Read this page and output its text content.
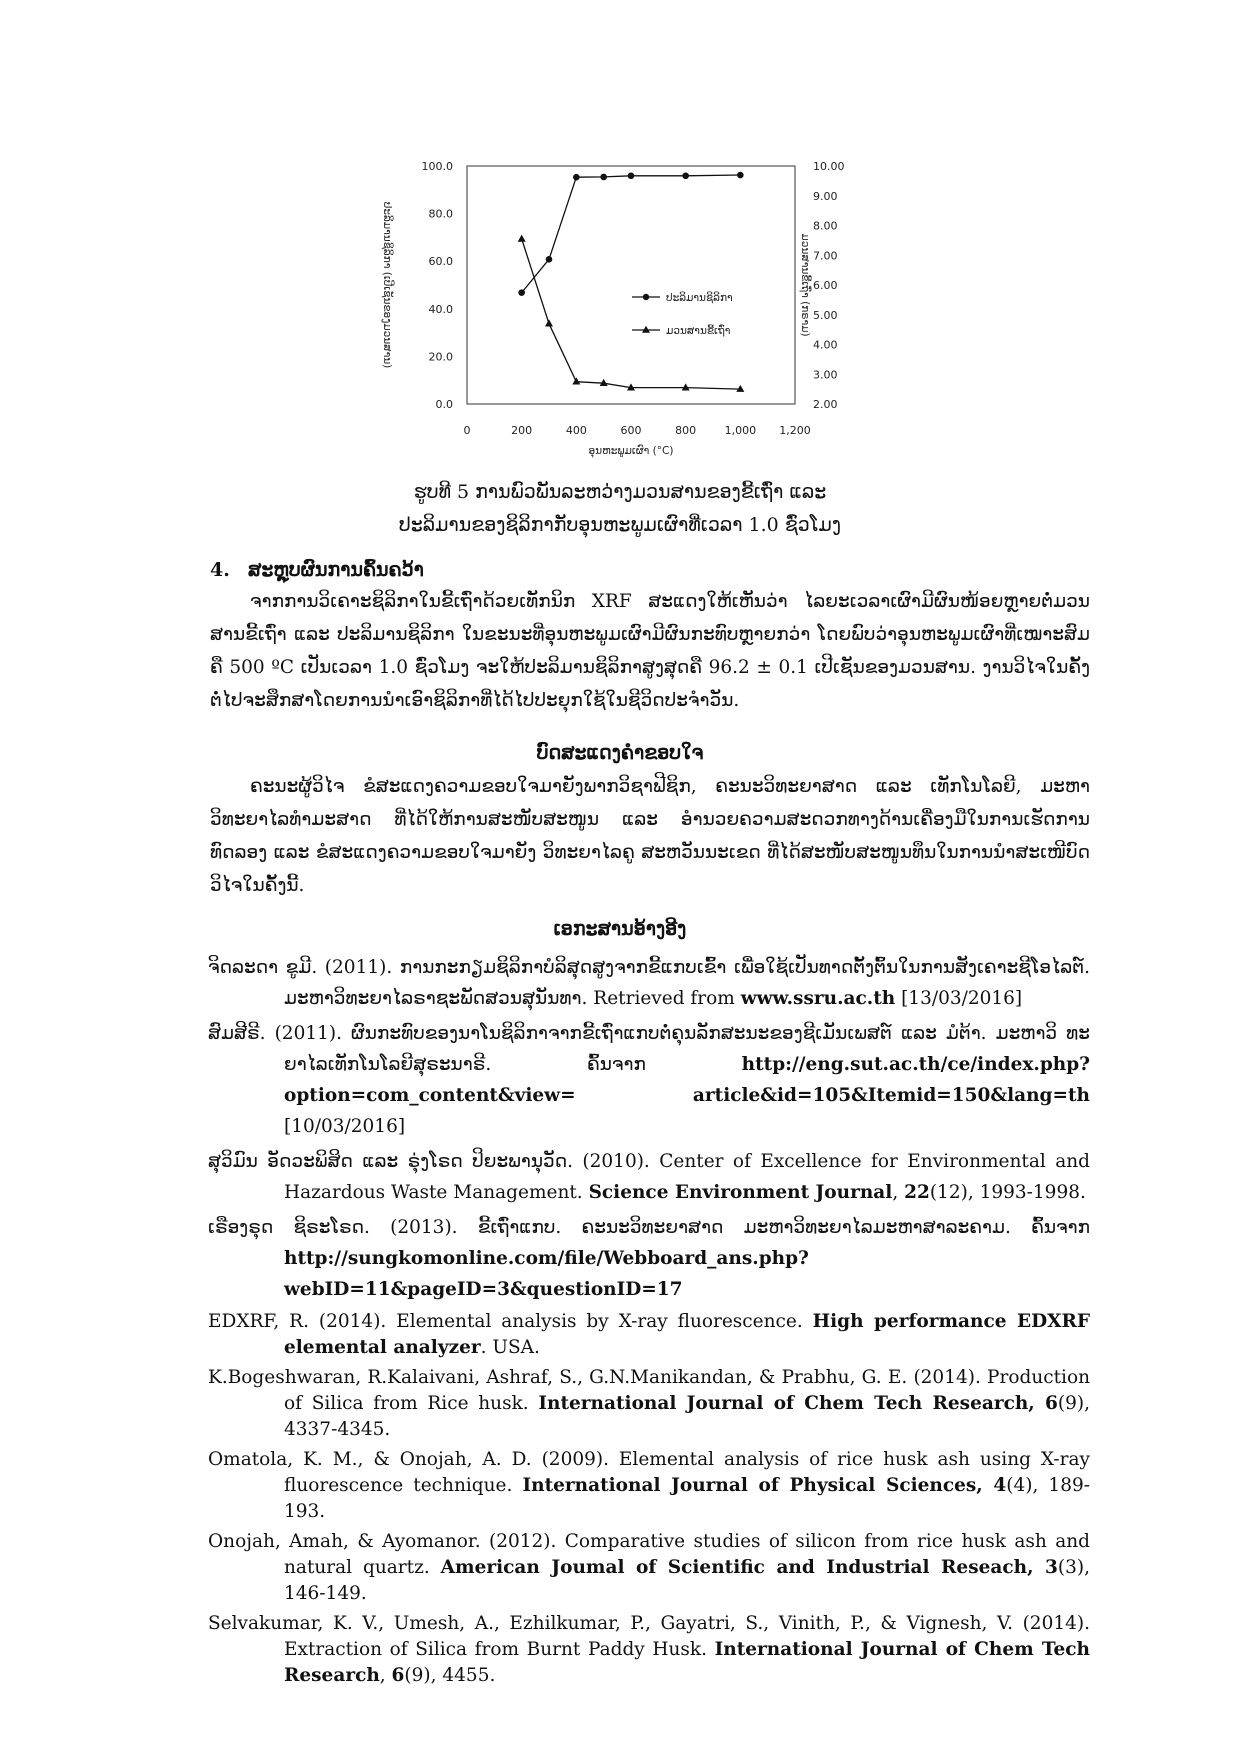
0.0
20.0
40.0
60.0
80.0
100.0
2.00
3.00
4.00
5.00
6.00
7.00
8.00
9.00
10.00
0	200	400	600	800	1,000 1,200
ປະລິມານຊິລິກາ (ເປີເຊັນຂອງມວນສານ)	ມວນສານຂີ້ເຖົ່າ (ກຣາມ)
ອຸນຫະພູມເຜົາ (°C)
ປະລິມານຊິລິກາ
ມວນສານຂີ້ເຖົ່າ
ຮູບທີ 5 ການພົວພັນລະຫວ່າງມວນສານຂອງຂີ້ເຖົ່າ ແລະ
ປະລິມານຂອງຊິລິກາກັບອຸນຫະພູມເຜົາທີ່ເວລາ 1.0 ຊົ່ວໂມງ
4. ສະຫຼຸບຜົນການຄົ້ນຄວ້າ

ຈາກການວິເຄາະຊິລິກາໃນຂີ້ເຖົ່າດ້ວຍເທັກນິກ XRF ສະແດງໃຫ້ເຫັນວ່າ ໄລຍະເວລາເຜົາມີຜົນໜ້ອຍຫຼາຍຕໍ່ມວນສານຂີ້ເຖົ່າ ແລະ ປະລິມານຊິລິກາ ໃນຂະນະທີ່ອຸນຫະພູມເຜົາມີຜົນກະທົບຫຼາຍກວ່າ ໂດຍພົບວ່າອຸນຫະພູມເຜົາທີ່ເໝາະສົມຄື 500 ºC ເປັນເວລາ 1.0 ຊົ່ວໂມງ ຈະໃຫ້ປະລິມານຊິລິກາສູງສຸດຄື 96.2 ± 0.1 ເປີເຊັນຂອງມວນສານ. ງານວິໄຈໃນຄັ້ງຕໍ່ໄປຈະສຶກສາໂດຍການນຳເອົາຊິລິກາທີ່ໄດ້ໄປປະຍຸກໃຊ້ໃນຊີວິດປະຈຳວັນ.

ບົດສະແດງຄຳຂອບໃຈ

ຄະນະຜູ້ວິໄຈ ຂໍສະແດງຄວາມຂອບໃຈມາຍັງພາກວິຊາຟີຊິກ, ຄະນະວິທະຍາສາດ ແລະ ເທັກໂນໂລຍີ, ມະຫາວິທະຍາໄລທຳມະສາດ ທີ່ໄດ້ໃຫ້ການສະໜັບສະໜູນ ແລະ ອຳນວຍຄວາມສະດວກທາງດ້ານເຄື່ອງມືໃນການເຮັດການທົດລອງ ແລະ ຂໍສະແດງຄວາມຂອບໃຈມາຍັງ ວິທະຍາໄລຄູ ສະຫວັນນະເຂດ ທີ່ໄດ້ສະໜັບສະໜູນທຶນໃນການນຳສະເໜີບົດວິໄຈໃນຄັ້ງນີ້.

ເອກະສານອ້າງອີງ

ຈິດລະດາ ຂູມີ. (2011). ການກະກຽມຊິລິກາບໍລິສຸດສູງຈາກຂີ້ແກບເຂົ້າ ເພື່ອໃຊ້ເປັນທາດຕັ້ງຕົ້ນໃນການສັງເຄາະຊີໂອໄລຕ໌. ມະຫາວິທະຍາໄລຣາຊະພັດສວນສຸນັນທາ. Retrieved from www.ssru.ac.th [13/03/2016]

ສົມສີຣີ. (2011). ຜົນກະທົບຂອງນາໂນຊິລິກາຈາກຂີ້ເຖົ່າແກບຕໍ່ຄຸນລັກສະນະຂອງຊີເມັນເພສຕ໌ ແລະ ມໍຕ້າ. ມະຫາວິ ທະຍາໄລເທັກໂນໂລຍີສຸຣະນາຣີ. ຄົ້ນຈາກ http://eng.sut.ac.th/ce/index.php?option=com_content&view= article&id=105&Itemid=150&lang=th [10/03/2016]

ສຸວິມົນ ອັດວະພິສິດ ແລະ ຣຸ່ງໂຣດ ປິຍະພານຸວັດ. (2010). Center of Excellence for Environmental and Hazardous Waste Management. Science Environment Journal, 22(12), 1993-1998.

ເຣືອງຣຸດ ຊິຣະໂຣດ. (2013). ຂີ້ເຖົ່າແກບ. ຄະນະວິທະຍາສາດ ມະຫາວິທະຍາໄລມະຫາສາລະຄາມ. ຄົ້ນຈາກ http://sungkomonline.com/file/Webboard_ans.php?webID=11&pageID=3&questionID=17

EDXRF, R. (2014). Elemental analysis by X-ray fluorescence. High performance EDXRF elemental analyzer. USA.

K.Bogeshwaran, R.Kalaivani, Ashraf, S., G.N.Manikandan, & Prabhu, G. E. (2014). Production of Silica from Rice husk. International Journal of Chem Tech Research, 6(9), 4337-4345.

Omatola, K. M., & Onojah, A. D. (2009). Elemental analysis of rice husk ash using X-ray fluorescence technique. International Journal of Physical Sciences, 4(4), 189-193.

Onojah, Amah, & Ayomanor. (2012). Comparative studies of silicon from rice husk ash and natural quartz. American Joumal of Scientific and Industrial Reseach, 3(3), 146-149.

Selvakumar, K. V., Umesh, A., Ezhilkumar, P., Gayatri, S., Vinith, P., & Vignesh, V. (2014). Extraction of Silica from Burnt Paddy Husk. International Journal of Chem Tech Research, 6(9), 4455.
